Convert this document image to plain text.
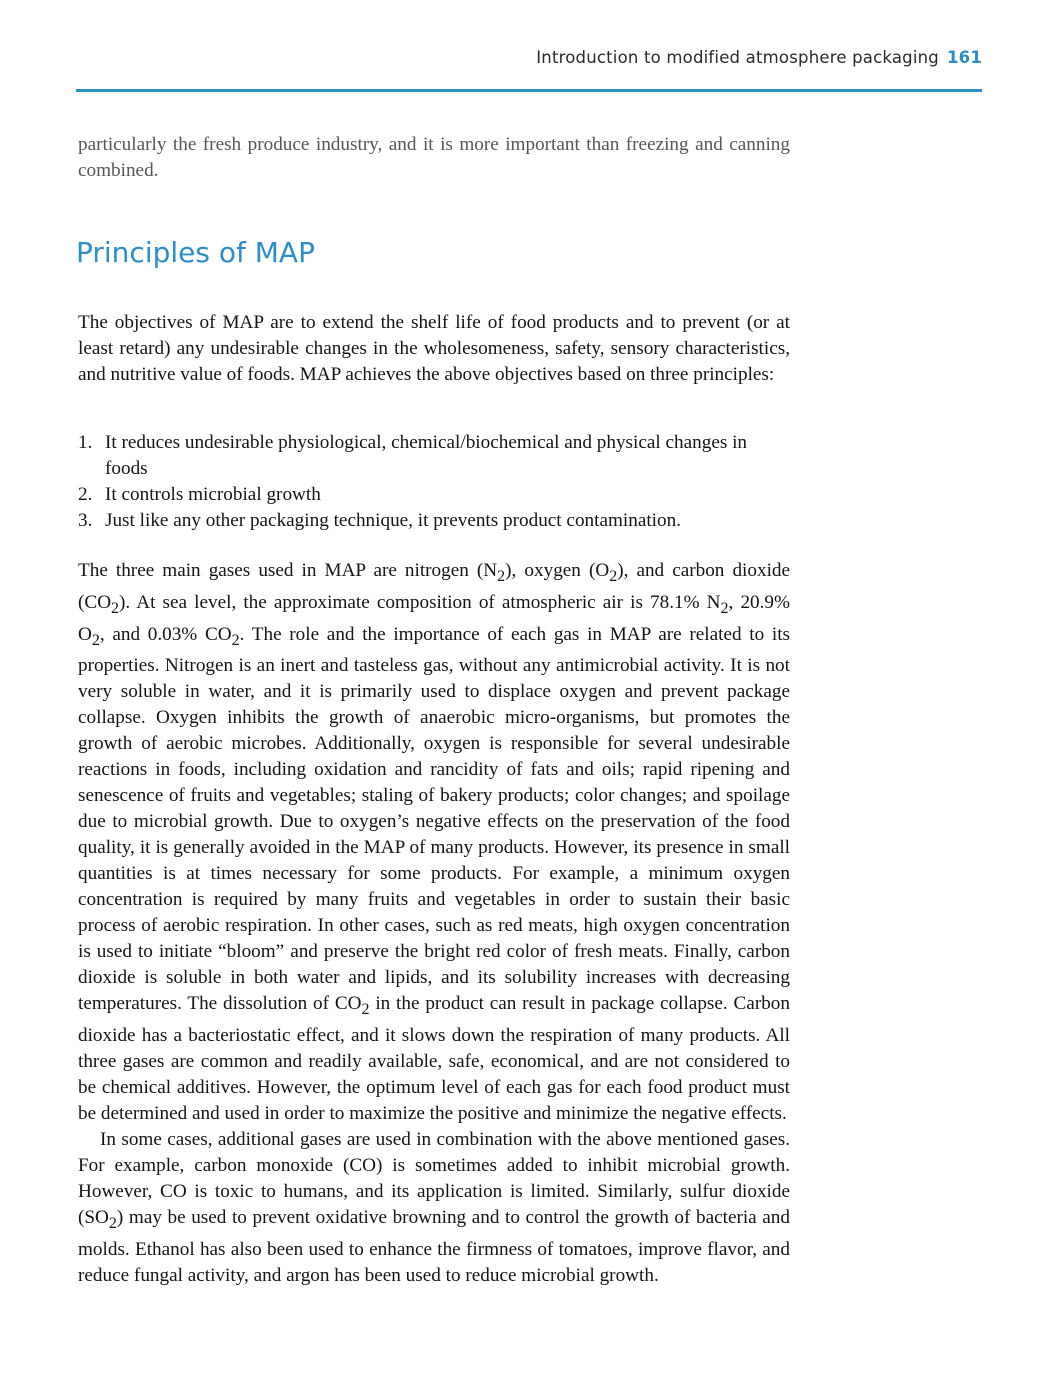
Introduction to modified atmosphere packaging 161

particularly the fresh produce industry, and it is more important than freezing and canning combined.

Principles of MAP

The objectives of MAP are to extend the shelf life of food products and to prevent (or at least retard) any undesirable changes in the wholesomeness, safety, sensory characteristics, and nutritive value of foods. MAP achieves the above objectives based on three principles:

1. It reduces undesirable physiological, chemical/biochemical and physical changes in foods
2. It controls microbial growth
3. Just like any other packaging technique, it prevents product contamination.

The three main gases used in MAP are nitrogen $(N_2)$, oxygen $(O_2)$, and carbon dioxide $(CO_2)$. At sea level, the approximate composition of atmospheric air is 78.1% $N_2$, 20.9% $O_2$, and 0.03% $CO_2$. The role and the importance of each gas in MAP are related to its properties. Nitrogen is an inert and tasteless gas, without any antimicrobial activity. It is not very soluble in water, and it is primarily used to displace oxygen and prevent package collapse. Oxygen inhibits the growth of anaerobic micro-organisms, but promotes the growth of aerobic microbes. Additionally, oxygen is responsible for several undesirable reactions in foods, including oxidation and rancidity of fats and oils; rapid ripening and senescence of fruits and vegetables; staling of bakery products; color changes; and spoilage due to microbial growth. Due to oxygen’s negative effects on the preservation of the food quality, it is generally avoided in the MAP of many products. However, its presence in small quantities is at times necessary for some products. For example, a minimum oxygen concentration is required by many fruits and vegetables in order to sustain their basic process of aerobic respiration. In other cases, such as red meats, high oxygen concentration is used to initiate “bloom” and preserve the bright red color of fresh meats. Finally, carbon dioxide is soluble in both water and lipids, and its solubility increases with decreasing temperatures. The dissolution of $CO_2$ in the product can result in package collapse. Carbon dioxide has a bacteriostatic effect, and it slows down the respiration of many products. All three gases are common and readily available, safe, economical, and are not considered to be chemical additives. However, the optimum level of each gas for each food product must be determined and used in order to maximize the positive and minimize the negative effects.

In some cases, additional gases are used in combination with the above mentioned gases. For example, carbon monoxide (CO) is sometimes added to inhibit microbial growth. However, CO is toxic to humans, and its application is limited. Similarly, sulfur dioxide $(SO_2)$ may be used to prevent oxidative browning and to control the growth of bacteria and molds. Ethanol has also been used to enhance the firmness of tomatoes, improve flavor, and reduce fungal activity, and argon has been used to reduce microbial growth.
